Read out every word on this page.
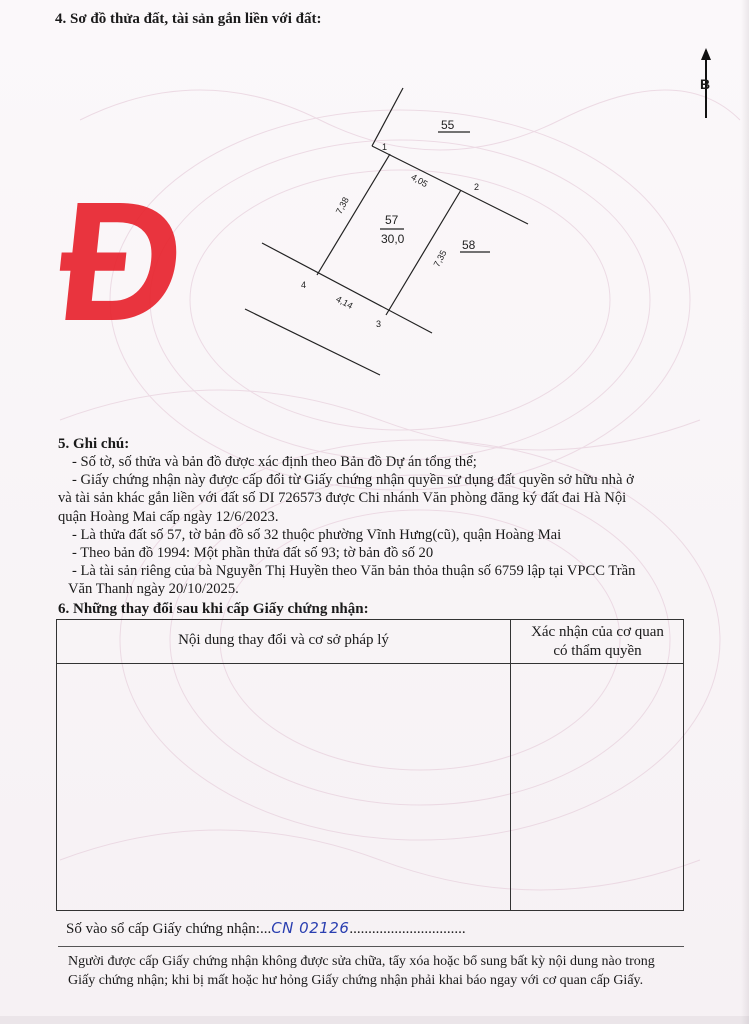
4. Sơ đồ thửa đất, tài sản gắn liền với đất:
B
Đ	57
30,0
55
58
1
2
3
4
4,05
7,35
4,14
7,38
5. Ghi chú:
- Số tờ, số thửa và bản đồ được xác định theo Bản đồ Dự án tổng thể;
- Giấy chứng nhận này được cấp đổi từ Giấy chứng nhận quyền sử dụng đất quyền sở hữu nhà ở
và tài sản khác gắn liền với đất số DI 726573 được Chi nhánh Văn phòng đăng ký đất đai Hà Nội
quận Hoàng Mai cấp ngày 12/6/2023.
- Là thửa đất số 57, tờ bản đồ số 32 thuộc phường Vĩnh Hưng(cũ), quận Hoàng Mai
- Theo bản đồ 1994: Một phần thửa đất số 93; tờ bản đồ số 20
- Là tài sản riêng của bà Nguyễn Thị Huyền theo Văn bản thỏa thuận số 6759 lập tại VPCC Trần
Văn Thanh ngày 20/10/2025.
6. Những thay đổi sau khi cấp Giấy chứng nhận:
Nội dung thay đổi và cơ sở pháp lý	Xác nhận của cơ quan
có thẩm quyền
Số vào sổ cấp Giấy chứng nhận:...CN 02126...............................
Người được cấp Giấy chứng nhận không được sửa chữa, tẩy xóa hoặc bổ sung bất kỳ nội dung nào trong
Giấy chứng nhận; khi bị mất hoặc hư hỏng Giấy chứng nhận phải khai báo ngay với cơ quan cấp Giấy.
